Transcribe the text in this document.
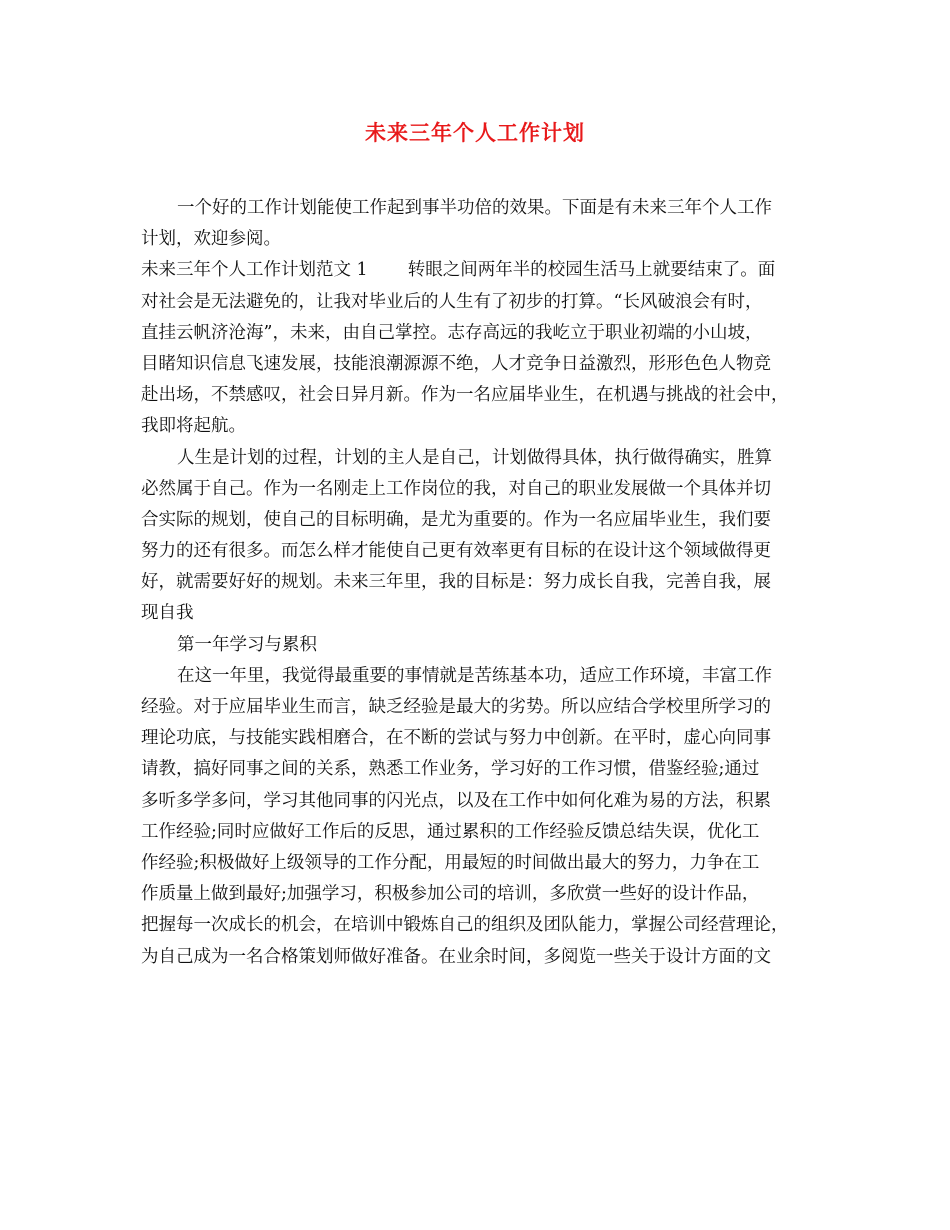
未来三年个人工作计划
一个好的工作计划能使工作起到事半功倍的效果。下面是有未来三年个人工作
计划，欢迎参阅。
未来三年个人工作计划范文 1 转眼之间两年半的校园生活马上就要结束了。面
对社会是无法避免的，让我对毕业后的人生有了初步的打算。“长风破浪会有时，
直挂云帆济沧海”，未来，由自己掌控。志存高远的我屹立于职业初端的小山坡，
目睹知识信息飞速发展，技能浪潮源源不绝，人才竞争日益激烈，形形色色人物竞
赴出场，不禁感叹，社会日异月新。作为一名应届毕业生，在机遇与挑战的社会中，
我即将起航。
人生是计划的过程，计划的主人是自己，计划做得具体，执行做得确实，胜算
必然属于自己。作为一名刚走上工作岗位的我，对自己的职业发展做一个具体并切
合实际的规划，使自己的目标明确，是尤为重要的。作为一名应届毕业生，我们要
努力的还有很多。而怎么样才能使自己更有效率更有目标的在设计这个领域做得更
好，就需要好好的规划。未来三年里，我的目标是：努力成长自我，完善自我，展
现自我
第一年学习与累积
在这一年里，我觉得最重要的事情就是苦练基本功，适应工作环境，丰富工作
经验。对于应届毕业生而言，缺乏经验是最大的劣势。所以应结合学校里所学习的
理论功底，与技能实践相磨合，在不断的尝试与努力中创新。在平时，虚心向同事
请教，搞好同事之间的关系，熟悉工作业务，学习好的工作习惯，借鉴经验;通过
多听多学多问，学习其他同事的闪光点，以及在工作中如何化难为易的方法，积累
工作经验;同时应做好工作后的反思，通过累积的工作经验反馈总结失误，优化工
作经验;积极做好上级领导的工作分配，用最短的时间做出最大的努力，力争在工
作质量上做到最好;加强学习，积极参加公司的培训，多欣赏一些好的设计作品，
把握每一次成长的机会，在培训中锻炼自己的组织及团队能力，掌握公司经营理论，
为自己成为一名合格策划师做好准备。在业余时间，多阅览一些关于设计方面的文
